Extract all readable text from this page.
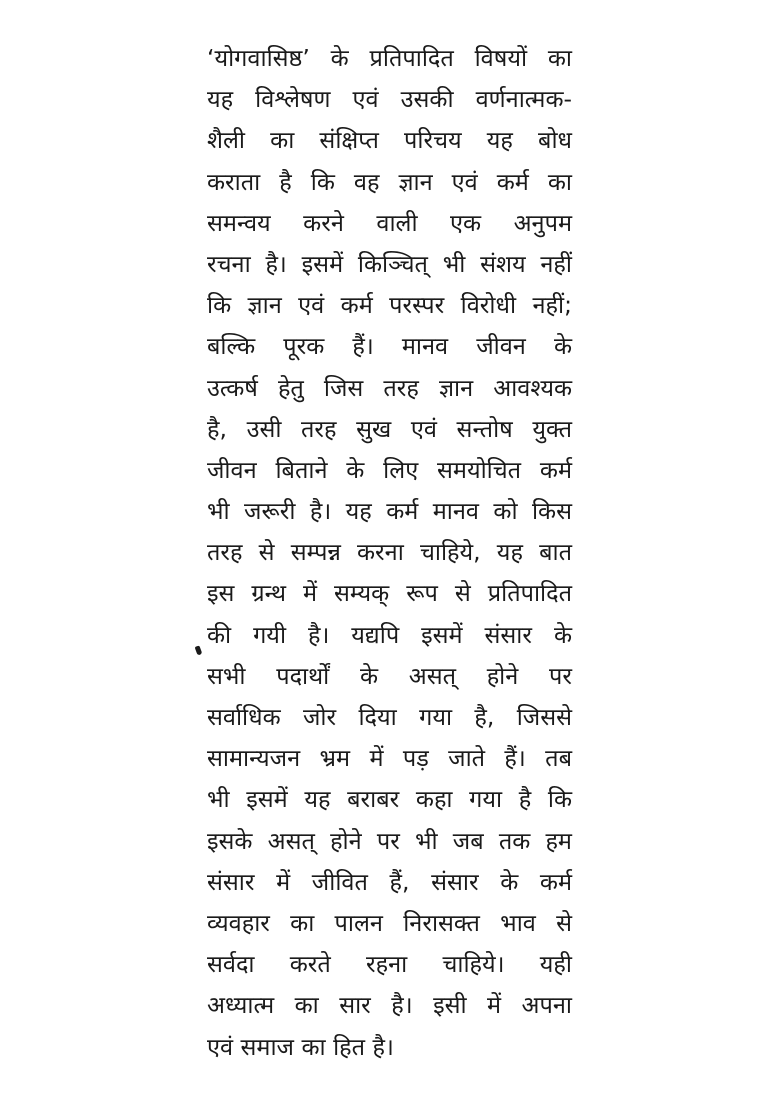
‘योगवासिष्ठ’ के प्रतिपादित विषयों का
यह विश्लेषण एवं उसकी वर्णनात्मक-
शैली का संक्षिप्त परिचय यह बोध
कराता है कि वह ज्ञान एवं कर्म का
समन्वय करने वाली एक अनुपम
रचना है। इसमें किञ्चित् भी संशय नहीं
कि ज्ञान एवं कर्म परस्पर विरोधी नहीं;
बल्कि पूरक हैं। मानव जीवन के
उत्कर्ष हेतु जिस तरह ज्ञान आवश्यक
है, उसी तरह सुख एवं सन्तोष युक्त
जीवन बिताने के लिए समयोचित कर्म
भी जरूरी है। यह कर्म मानव को किस
तरह से सम्पन्न करना चाहिये, यह बात
इस ग्रन्थ में सम्यक् रूप से प्रतिपादित
की गयी है। यद्यपि इसमें संसार के
सभी पदार्थों के असत् होने पर
सर्वाधिक जोर दिया गया है, जिससे
सामान्यजन भ्रम में पड़ जाते हैं। तब
भी इसमें यह बराबर कहा गया है कि
इसके असत् होने पर भी जब तक हम
संसार में जीवित हैं, संसार के कर्म
व्यवहार का पालन निरासक्त भाव से
सर्वदा करते रहना चाहिये। यही
अध्यात्म का सार है। इसी में अपना
एवं समाज का हित है।
